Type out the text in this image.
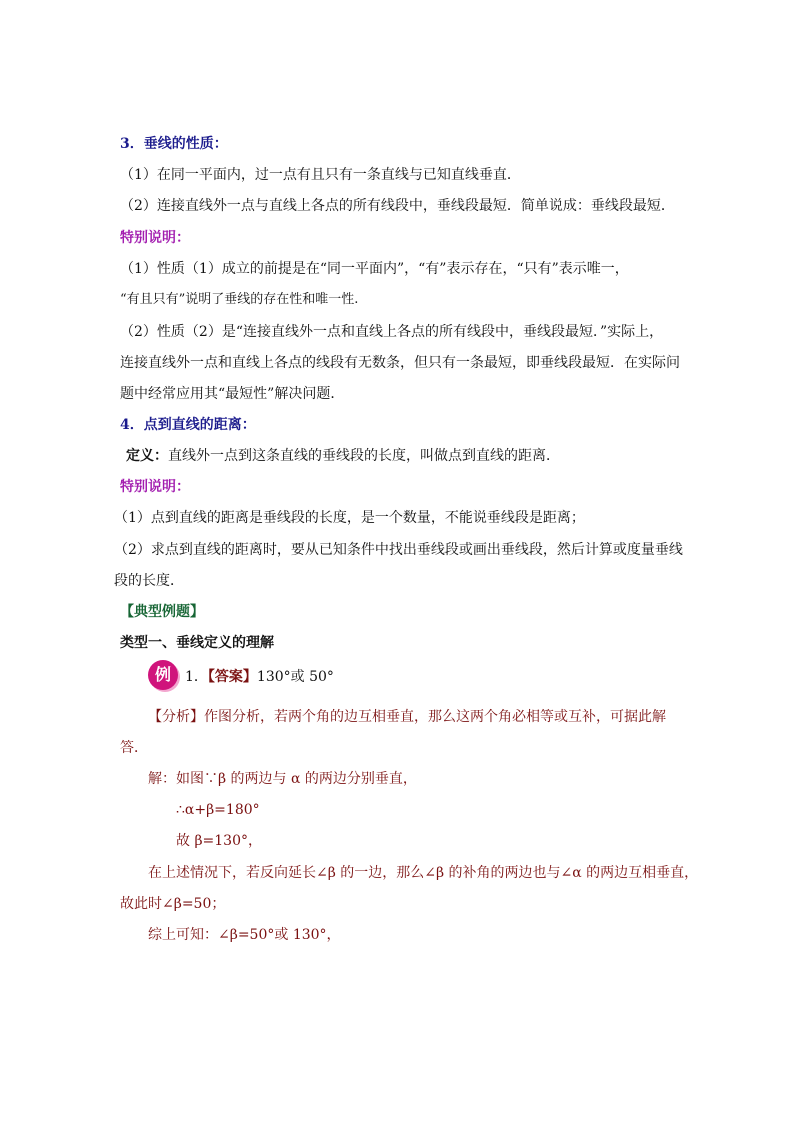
3．垂线的性质：
（1）在同一平面内，过一点有且只有一条直线与已知直线垂直．
（2）连接直线外一点与直线上各点的所有线段中，垂线段最短．简单说成：垂线段最短．
特别说明：
（1）性质（1）成立的前提是在“同一平面内”，“有”表示存在，“只有”表示唯一，
“有且只有”说明了垂线的存在性和唯一性.
（2）性质（2）是“连接直线外一点和直线上各点的所有线段中，垂线段最短．”实际上，
连接直线外一点和直线上各点的线段有无数条，但只有一条最短，即垂线段最短．在实际问
题中经常应用其“最短性”解决问题．
4．点到直线的距离：
定义：直线外一点到这条直线的垂线段的长度，叫做点到直线的距离．
特别说明：
（1）点到直线的距离是垂线段的长度，是一个数量，不能说垂线段是距离；
（2）求点到直线的距离时，要从已知条件中找出垂线段或画出垂线段，然后计算或度量垂线
段的长度．
【典型例题】
类型一、垂线定义的理解
例	1．【答案】130°或 50°
【分析】作图分析，若两个角的边互相垂直，那么这两个角必相等或互补，可据此解
答．
解：如图∵β 的两边与 α 的两边分别垂直，
∴α+β=180°
故 β=130°，
在上述情况下，若反向延长∠β 的一边，那么∠β 的补角的两边也与∠α 的两边互相垂直，
故此时∠β=50；
综上可知：∠β=50°或 130°，
